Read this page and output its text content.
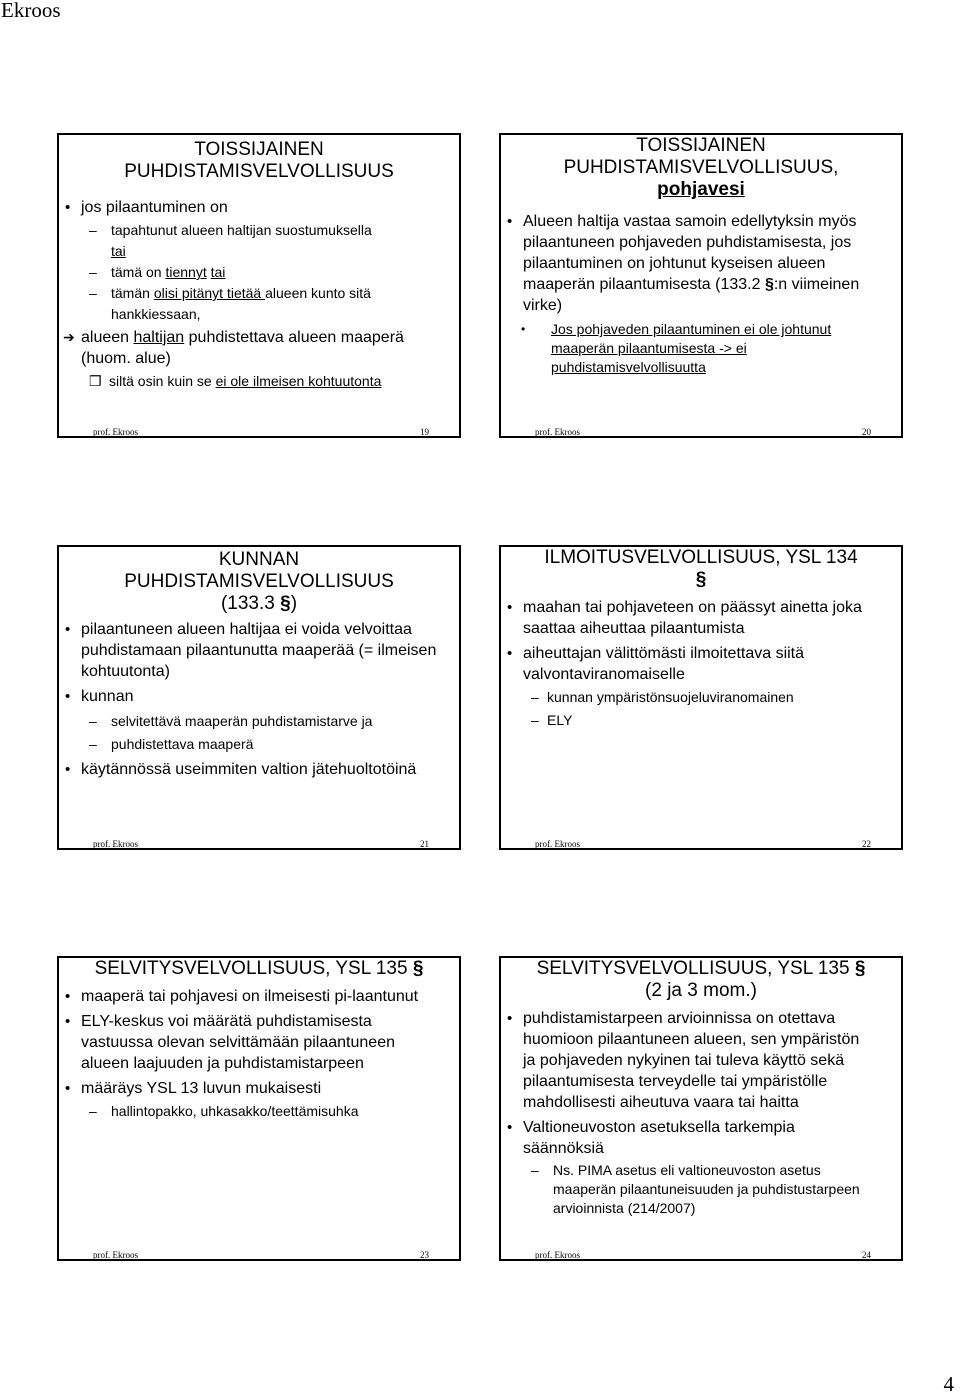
Ekroos
TOISSIJAINEN PUHDISTAMISVELVOLLISUUS
• jos pilaantuminen on
– tapahtunut alueen haltijan suostumuksella
tai
– tämä on tiennyt tai
– tämän olisi pitänyt tietää alueen kunto sitä hankkiessaan,
➔ alueen haltijan puhdistettava alueen maaperä (huom. alue)
❒ siltä osin kuin se ei ole ilmeisen kohtuutonta
prof. Ekroos	19
TOISSIJAINEN PUHDISTAMISVELVOLLISUUS,
pohjavesi
• Alueen haltija vastaa samoin edellytyksin myös pilaantuneen pohjaveden puhdistamisesta, jos pilaantuminen on johtunut kyseisen alueen maaperän pilaantumisesta (133.2 §:n viimeinen virke)
• Jos pohjaveden pilaantuminen ei ole johtunut maaperän pilaantumisesta -> ei puhdistamisvelvollisuutta
prof. Ekroos	20
KUNNAN PUHDISTAMISVELVOLLISUUS (133.3 §)
• pilaantuneen alueen haltijaa ei voida velvoittaa puhdistamaan pilaantunutta maaperää (= ilmeisen kohtuutonta)
• kunnan
– selvitettävä maaperän puhdistamistarve ja
– puhdistettava maaperä
• käytännössä useimmiten valtion jätehuoltotöinä
prof. Ekroos	21
ILMOITUSVELVOLLISUUS, YSL 134 §
• maahan tai pohjaveteen on päässyt ainetta joka saattaa aiheuttaa pilaantumista
• aiheuttajan välittömästi ilmoitettava siitä valvontaviranomaiselle
– kunnan ympäristönsuojeluviranomainen
– ELY
prof. Ekroos	22
SELVITYSVELVOLLISUUS, YSL 135 §
• maaperä tai pohjavesi on ilmeisesti pi-laantunut
• ELY-keskus voi määrätä puhdistamisesta vastuussa olevan selvittämään pilaantuneen alueen laajuuden ja puhdistamistarpeen
• määräys YSL 13 luvun mukaisesti
– hallintopakko, uhkasakko/teettämisuhka
prof. Ekroos	23
SELVITYSVELVOLLISUUS, YSL 135 § (2 ja 3 mom.)
• puhdistamistarpeen arvioinnissa on otettava huomioon pilaantuneen alueen, sen ympäristön ja pohjaveden nykyinen tai tuleva käyttö sekä pilaantumisesta terveydelle tai ympäristölle mahdollisesti aiheutuva vaara tai haitta
• Valtioneuvoston asetuksella tarkempia säännöksiä
– Ns. PIMA asetus eli valtioneuvoston asetus maaperän pilaantuneisuuden ja puhdistustarpeen arvioinnista (214/2007)
prof. Ekroos	24
4
